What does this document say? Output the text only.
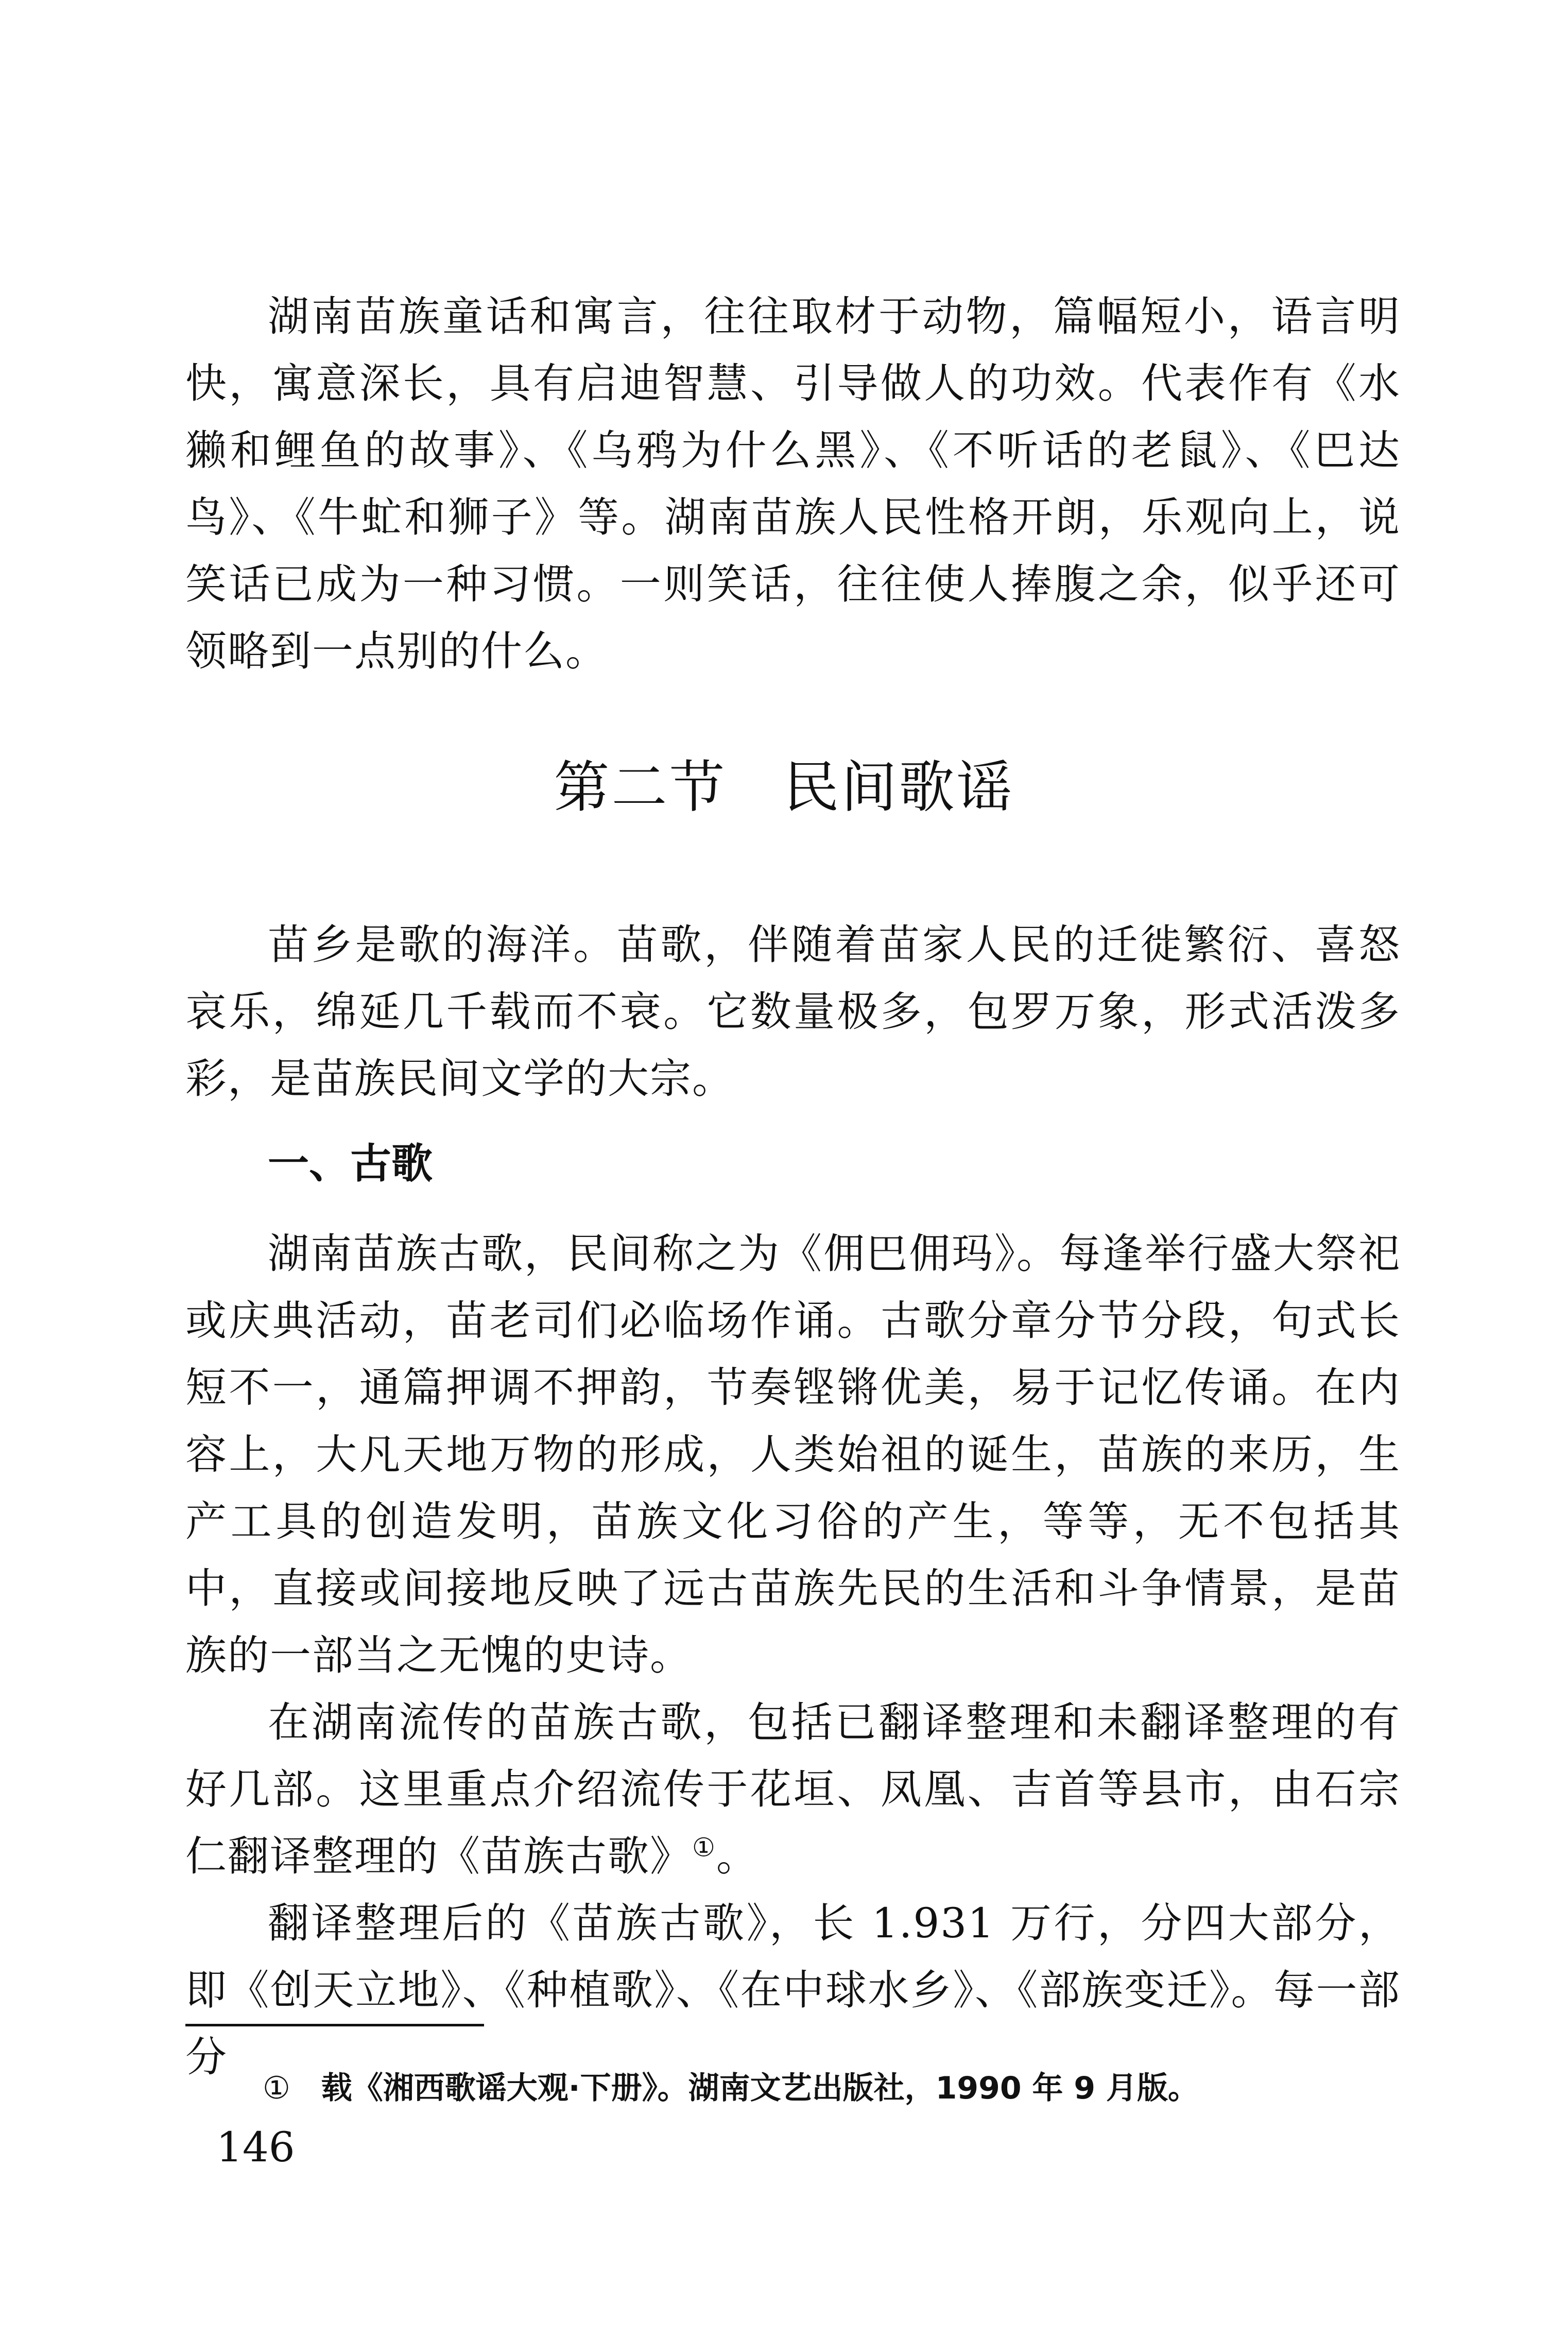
湖南苗族童话和寓言，往往取材于动物，篇幅短小，语言明快，寓意深长，具有启迪智慧、引导做人的功效。代表作有《水獭和鲤鱼的故事》、《乌鸦为什么黑》、《不听话的老鼠》、《巴达鸟》、《牛虻和狮子》等。湖南苗族人民性格开朗，乐观向上，说笑话已成为一种习惯。一则笑话，往往使人捧腹之余，似乎还可领略到一点别的什么。

第二节 民间歌谣

苗乡是歌的海洋。苗歌，伴随着苗家人民的迁徙繁衍、喜怒哀乐，绵延几千载而不衰。它数量极多，包罗万象，形式活泼多彩，是苗族民间文学的大宗。

一、古歌

湖南苗族古歌，民间称之为《佣巴佣玛》。每逢举行盛大祭祀或庆典活动，苗老司们必临场作诵。古歌分章分节分段，句式长短不一，通篇押调不押韵，节奏铿锵优美，易于记忆传诵。在内容上，大凡天地万物的形成，人类始祖的诞生，苗族的来历，生产工具的创造发明，苗族文化习俗的产生，等等，无不包括其中，直接或间接地反映了远古苗族先民的生活和斗争情景，是苗族的一部当之无愧的史诗。

在湖南流传的苗族古歌，包括已翻译整理和未翻译整理的有好几部。这里重点介绍流传于花垣、凤凰、吉首等县市，由石宗仁翻译整理的《苗族古歌》①。

翻译整理后的《苗族古歌》，长 1.931 万行，分四大部分，即《创天立地》、《种植歌》、《在中球水乡》、《部族变迁》。每一部分

① 载《湘西歌谣大观·下册》。湖南文艺出版社，1990 年 9 月版。
146
